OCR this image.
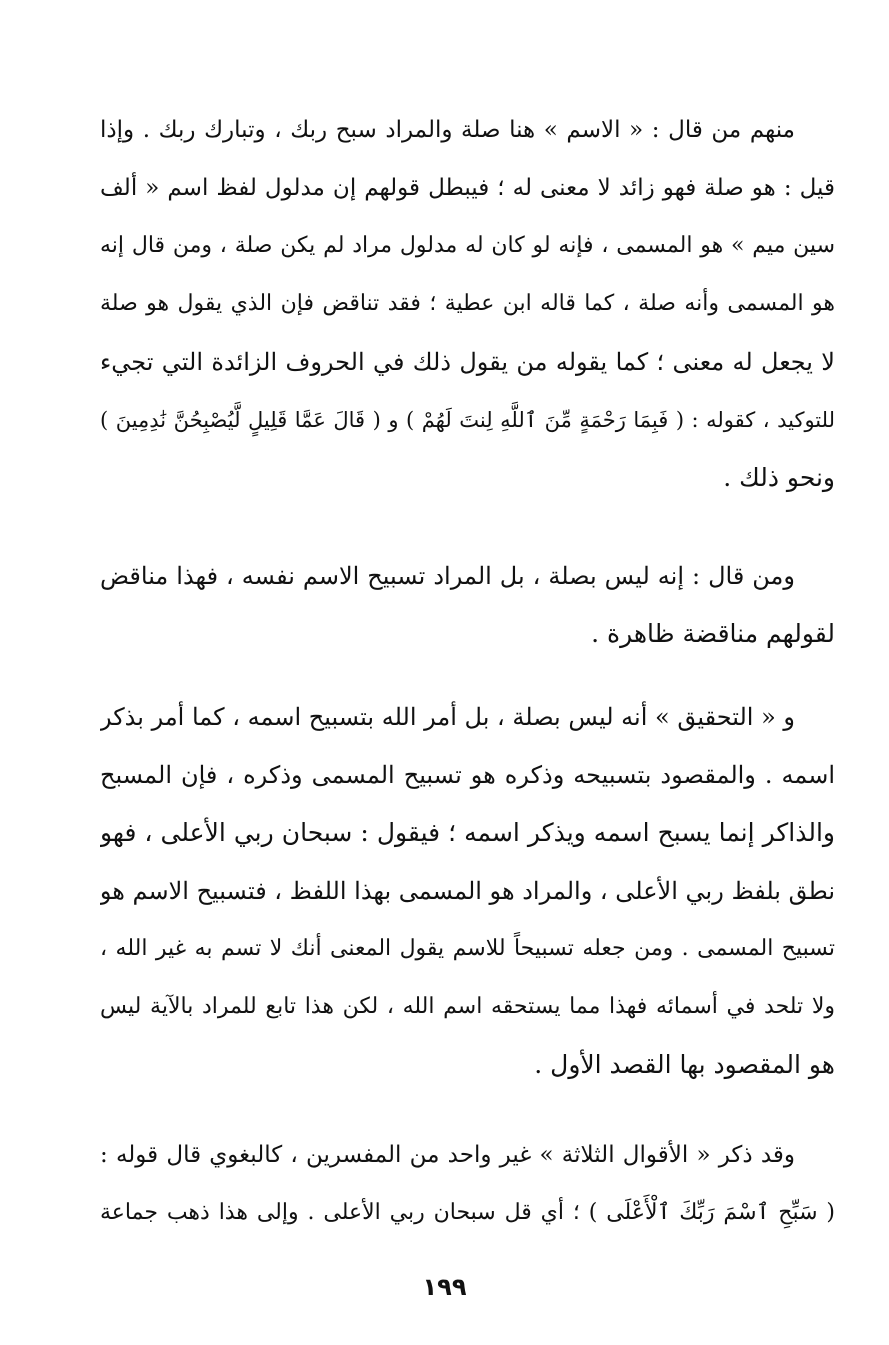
منهم من قال : « الاسم » هنا صلة والمراد سبح ربك ، وتبارك ربك . وإذا
قيل : هو صلة فهو زائد لا معنى له ؛ فيبطل قولهم إن مدلول لفظ اسم « ألف
سين ميم » هو المسمى ، فإنه لو كان له مدلول مراد لم يكن صلة ، ومن قال إنه
هو المسمى وأنه صلة ، كما قاله ابن عطية ؛ فقد تناقض فإن الذي يقول هو صلة
لا يجعل له معنى ؛ كما يقوله من يقول ذلك في الحروف الزائدة التي تجيء
للتوكيد ، كقوله : ( فَبِمَا رَحْمَةٍ مِّنَ ٱللَّهِ لِنتَ لَهُمْ ) و ( قَالَ عَمَّا قَلِيلٍ لَّيُصْبِحُنَّ نَٰدِمِينَ )
ونحو ذلك .
ومن قال : إنه ليس بصلة ، بل المراد تسبيح الاسم نفسه ، فهذا مناقض
لقولهم مناقضة ظاهرة .
و « التحقيق » أنه ليس بصلة ، بل أمر الله بتسبيح اسمه ، كما أمر بذكر
اسمه . والمقصود بتسبيحه وذكره هو تسبيح المسمى وذكره ، فإن المسبح
والذاكر إنما يسبح اسمه ويذكر اسمه ؛ فيقول : سبحان ربي الأعلى ، فهو
نطق بلفظ ربي الأعلى ، والمراد هو المسمى بهذا اللفظ ، فتسبيح الاسم هو
تسبيح المسمى . ومن جعله تسبيحاً للاسم يقول المعنى أنك لا تسم به غير الله ،
ولا تلحد في أسمائه فهذا مما يستحقه اسم الله ، لكن هذا تابع للمراد بالآية ليس
هو المقصود بها القصد الأول .
وقد ذكر « الأقوال الثلاثة » غير واحد من المفسرين ، كالبغوي قال قوله :
( سَبِّحِ ٱسْمَ رَبِّكَ ٱلْأَعْلَى ) ؛ أي قل سبحان ربي الأعلى . وإلى هذا ذهب جماعة
١٩٩
